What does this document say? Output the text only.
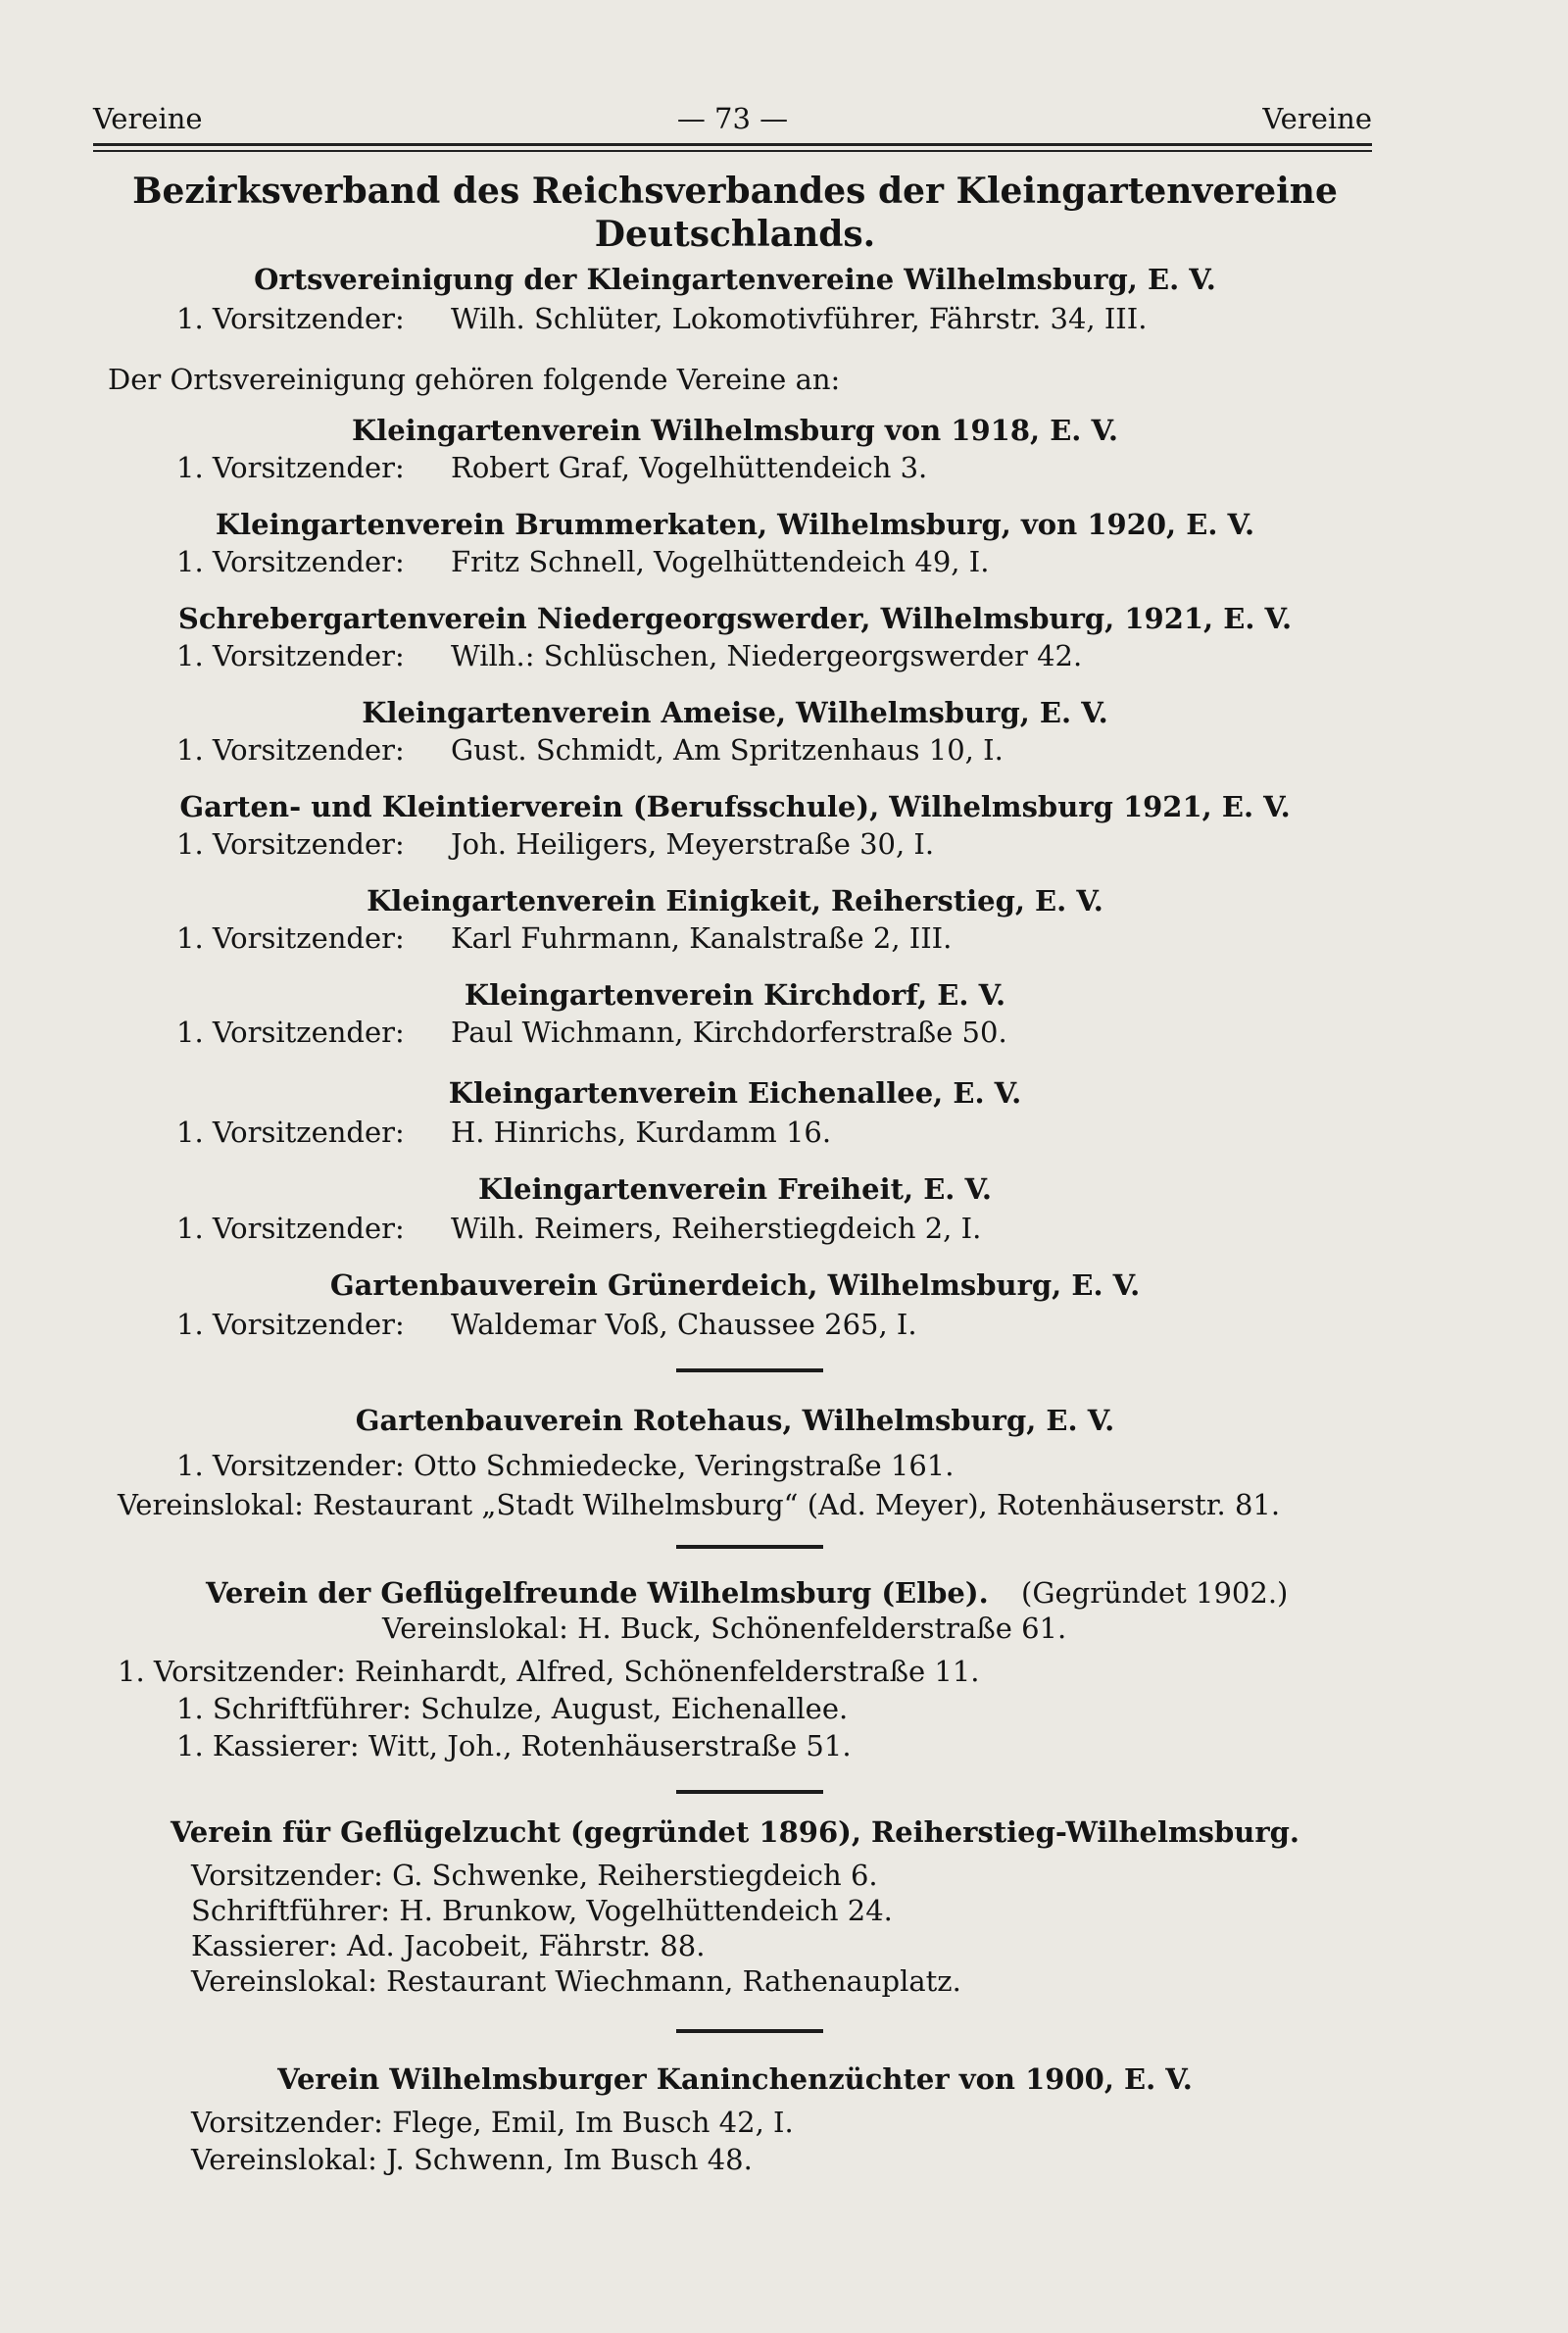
Vereine	— 73 —	Vereine
Bezirksverband des Reichsverbandes der Kleingartenvereine
Deutschlands.
Ortsvereinigung der Kleingartenvereine Wilhelmsburg, E. V.
1. Vorsitzender: Wilh. Schlüter, Lokomotivführer, Fährstr. 34, III.
Der Ortsvereinigung gehören folgende Vereine an:
Kleingartenverein Wilhelmsburg von 1918, E. V.
1. Vorsitzender: Robert Graf, Vogelhüttendeich 3.
Kleingartenverein Brummerkaten, Wilhelmsburg, von 1920, E. V.
1. Vorsitzender: Fritz Schnell, Vogelhüttendeich 49, I.
Schrebergartenverein Niedergeorgswerder, Wilhelmsburg, 1921, E. V.
1. Vorsitzender: Wilh.: Schlüschen, Niedergeorgswerder 42.
Kleingartenverein Ameise, Wilhelmsburg, E. V.
1. Vorsitzender: Gust. Schmidt, Am Spritzenhaus 10, I.
Garten- und Kleintierverein (Berufsschule), Wilhelmsburg 1921, E. V.
1. Vorsitzender: Joh. Heiligers, Meyerstraße 30, I.
Kleingartenverein Einigkeit, Reiherstieg, E. V.
1. Vorsitzender: Karl Fuhrmann, Kanalstraße 2, III.
Kleingartenverein Kirchdorf, E. V.
1. Vorsitzender: Paul Wichmann, Kirchdorferstraße 50.
Kleingartenverein Eichenallee, E. V.
1. Vorsitzender: H. Hinrichs, Kurdamm 16.
Kleingartenverein Freiheit, E. V.
1. Vorsitzender: Wilh. Reimers, Reiherstiegdeich 2, I.
Gartenbauverein Grünerdeich, Wilhelmsburg, E. V.
1. Vorsitzender: Waldemar Voß, Chaussee 265, I.
Gartenbauverein Rotehaus, Wilhelmsburg, E. V.
1. Vorsitzender: Otto Schmiedecke, Veringstraße 161.
Vereinslokal: Restaurant „Stadt Wilhelmsburg“ (Ad. Meyer), Rotenhäuserstr. 81.
Verein der Geflügelfreunde Wilhelmsburg (Elbe). (Gegründet 1902.)
Vereinslokal: H. Buck, Schönenfelderstraße 61.
1. Vorsitzender: Reinhardt, Alfred, Schönenfelderstraße 11.
1. Schriftführer: Schulze, August, Eichenallee.
1. Kassierer: Witt, Joh., Rotenhäuserstraße 51.
Verein für Geflügelzucht (gegründet 1896), Reiherstieg-Wilhelmsburg.
Vorsitzender: G. Schwenke, Reiherstiegdeich 6.
Schriftführer: H. Brunkow, Vogelhüttendeich 24.
Kassierer: Ad. Jacobeit, Fährstr. 88.
Vereinslokal: Restaurant Wiechmann, Rathenauplatz.
Verein Wilhelmsburger Kaninchenzüchter von 1900, E. V.
Vorsitzender: Flege, Emil, Im Busch 42, I.
Vereinslokal: J. Schwenn, Im Busch 48.
